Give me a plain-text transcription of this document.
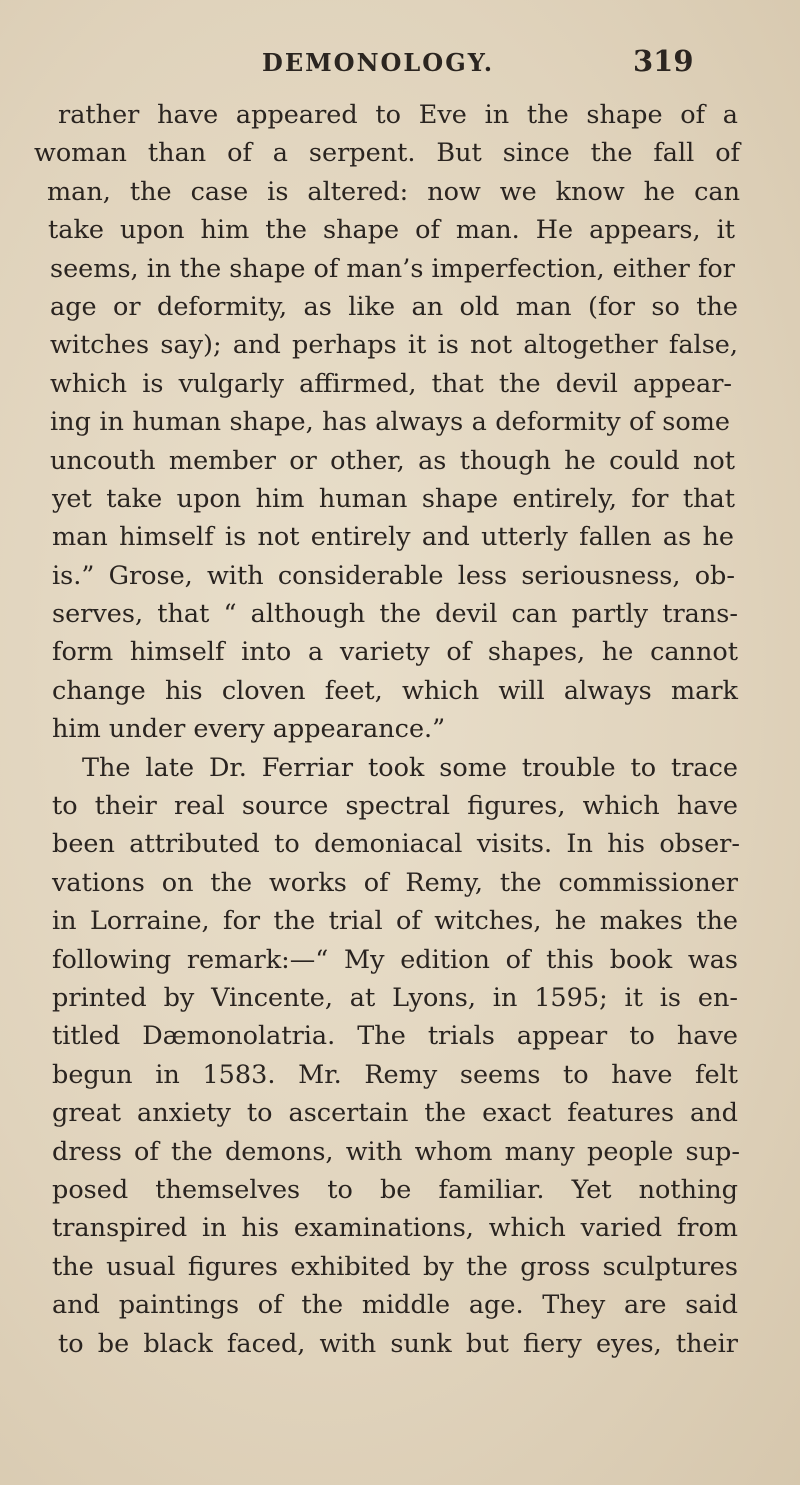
DEMONOLOGY.	319
rather have appeared to Eve in the shape of a
woman than of a serpent. But since the fall of
man, the case is altered: now we know he can
take upon him the shape of man. He appears, it
seems, in the shape of man’s imperfection, either for
age or deformity, as like an old man (for so the
witches say); and perhaps it is not altogether false,
which is vulgarly affirmed, that the devil appear-
ing in human shape, has always a deformity of some
uncouth member or other, as though he could not
yet take upon him human shape entirely, for that
man himself is not entirely and utterly fallen as he
is.” Grose, with considerable less seriousness, ob-
serves, that “ although the devil can partly trans-
form himself into a variety of shapes, he cannot
change his cloven feet, which will always mark
him under every appearance.”
The late Dr. Ferriar took some trouble to trace
to their real source spectral figures, which have
been attributed to demoniacal visits. In his obser-
vations on the works of Remy, the commissioner
in Lorraine, for the trial of witches, he makes the
following remark:—“ My edition of this book was
printed by Vincente, at Lyons, in 1595; it is en-
titled Dæmonolatria. The trials appear to have
begun in 1583. Mr. Remy seems to have felt
great anxiety to ascertain the exact features and
dress of the demons, with whom many people sup-
posed themselves to be familiar. Yet nothing
transpired in his examinations, which varied from
the usual figures exhibited by the gross sculptures
and paintings of the middle age. They are said
to be black faced, with sunk but fiery eyes, their
